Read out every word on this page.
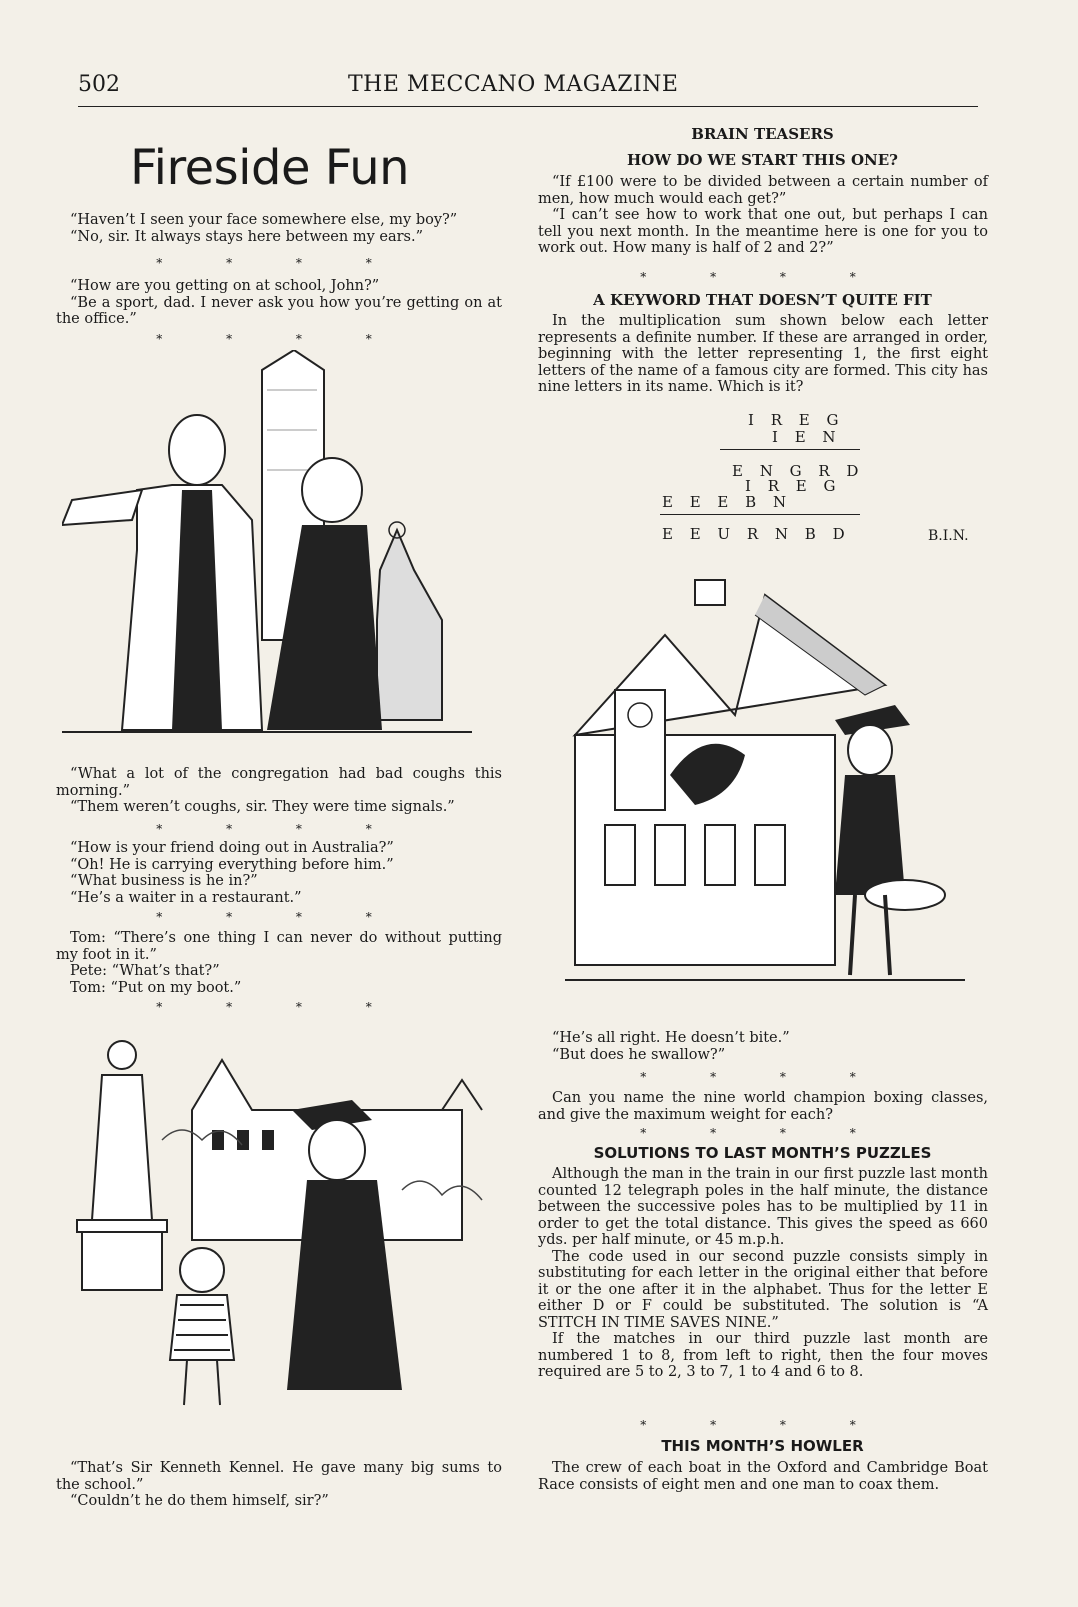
502	THE MECCANO MAGAZINE
Fireside Fun

“Haven’t I seen your face somewhere else, my boy?”

“No, sir. It always stays here between my ears.”

* * * *

“How are you getting on at school, John?”

“Be a sport, dad. I never ask you how you’re getting on at the office.”

* * * *

“What a lot of the congregation had bad coughs this morning.”

“Them weren’t coughs, sir. They were time signals.”

* * * *

“How is your friend doing out in Australia?”

“Oh! He is carrying everything before him.”

“What business is he in?”

“He’s a waiter in a restaurant.”

* * * *

Tom: “There’s one thing I can never do without putting my foot in it.”

Pete: “What’s that?”

Tom: “Put on my boot.”

* * * *

“That’s Sir Kenneth Kennel. He gave many big sums to the school.”

“Couldn’t he do them himself, sir?”

BRAIN TEASERS
HOW DO WE START THIS ONE?

“If £100 were to be divided between a certain number of men, how much would each get?”

“I can’t see how to work that one out, but perhaps I can tell you next month. In the meantime here is one for you to work out. How many is half of 2 and 2?”

* * * *
A KEYWORD THAT DOESN’T QUITE FIT

In the multiplication sum shown below each letter represents a definite number. If these are arranged in order, beginning with the letter representing 1, the first eight letters of the name of a famous city are formed. This city has nine letters in its name. Which is it?

I R E G
I E N
E N G R D
I R E G
E E E B N
E E U R N B D	B.I.N.

“He’s all right. He doesn’t bite.”

“But does he swallow?”

* * * *

Can you name the nine world champion boxing classes, and give the maximum weight for each?

* * * *
SOLUTIONS TO LAST MONTH’S PUZZLES

Although the man in the train in our first puzzle last month counted 12 telegraph poles in the half minute, the distance between the successive poles has to be multiplied by 11 in order to get the total distance. This gives the speed as 660 yds. per half minute, or 45 m.p.h.

The code used in our second puzzle consists simply in substituting for each letter in the original either that before it or the one after it in the alphabet. Thus for the letter E either D or F could be substituted. The solution is “A STITCH IN TIME SAVES NINE.”

If the matches in our third puzzle last month are numbered 1 to 8, from left to right, then the four moves required are 5 to 2, 3 to 7, 1 to 4 and 6 to 8.

* * * *
THIS MONTH’S HOWLER

The crew of each boat in the Oxford and Cambridge Boat Race consists of eight men and one man to coax them.
